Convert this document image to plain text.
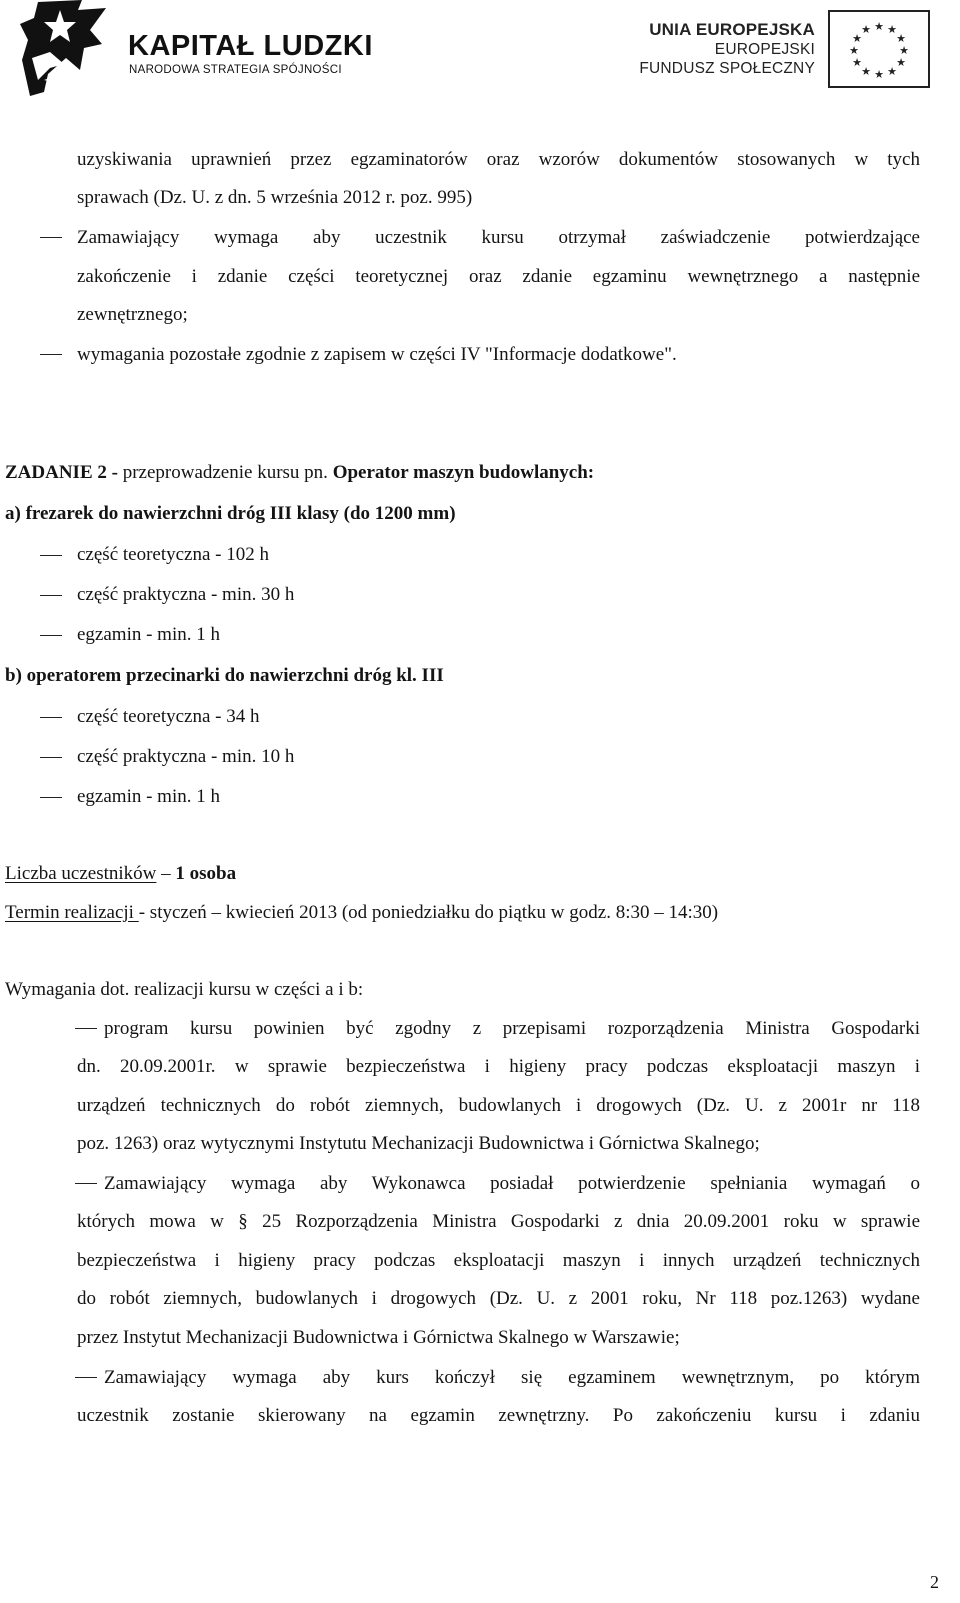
KAPITAŁ LUDZKI
NARODOWA STRATEGIA SPÓJNOŚCI
UNIA EUROPEJSKA
EUROPEJSKI
FUNDUSZ SPOŁECZNY
★ ★
★
★
★
★
★
★
★
★
★
★
uzyskiwania uprawnień przez egzaminatorów oraz wzorów dokumentów stosowanych w tych
sprawach (Dz. U. z dn. 5 września 2012 r. poz. 995)
Zamawiający wymaga aby uczestnik kursu otrzymał zaświadczenie potwierdzające
zakończenie i zdanie części teoretycznej oraz zdanie egzaminu wewnętrznego a następnie
zewnętrznego;
wymagania pozostałe zgodnie z zapisem w części IV "Informacje dodatkowe".
ZADANIE 2 - przeprowadzenie kursu pn. Operator maszyn budowlanych:
a) frezarek do nawierzchni dróg III klasy (do 1200 mm)
część teoretyczna - 102 h
część praktyczna - min. 30 h
egzamin - min. 1 h
b) operatorem przecinarki do nawierzchni dróg kl. III
część teoretyczna - 34 h
część praktyczna - min. 10 h
egzamin - min. 1 h
Liczba uczestników – 1 osoba
Termin realizacji - styczeń – kwiecień 2013 (od poniedziałku do piątku w godz. 8:30 – 14:30)
Wymagania dot. realizacji kursu w części a i b:
program kursu powinien być zgodny z przepisami rozporządzenia Ministra Gospodarki
dn. 20.09.2001r. w sprawie bezpieczeństwa i higieny pracy podczas eksploatacji maszyn i
urządzeń technicznych do robót ziemnych, budowlanych i drogowych (Dz. U. z 2001r nr 118
poz. 1263) oraz wytycznymi Instytutu Mechanizacji Budownictwa i Górnictwa Skalnego;
Zamawiający wymaga aby Wykonawca posiadał potwierdzenie spełniania wymagań o
których mowa w § 25 Rozporządzenia Ministra Gospodarki z dnia 20.09.2001 roku w sprawie
bezpieczeństwa i higieny pracy podczas eksploatacji maszyn i innych urządzeń technicznych
do robót ziemnych, budowlanych i drogowych (Dz. U. z 2001 roku, Nr 118 poz.1263) wydane
przez Instytut Mechanizacji Budownictwa i Górnictwa Skalnego w Warszawie;
Zamawiający wymaga aby kurs kończył się egzaminem wewnętrznym, po którym
uczestnik zostanie skierowany na egzamin zewnętrzny. Po zakończeniu kursu i zdaniu
2
